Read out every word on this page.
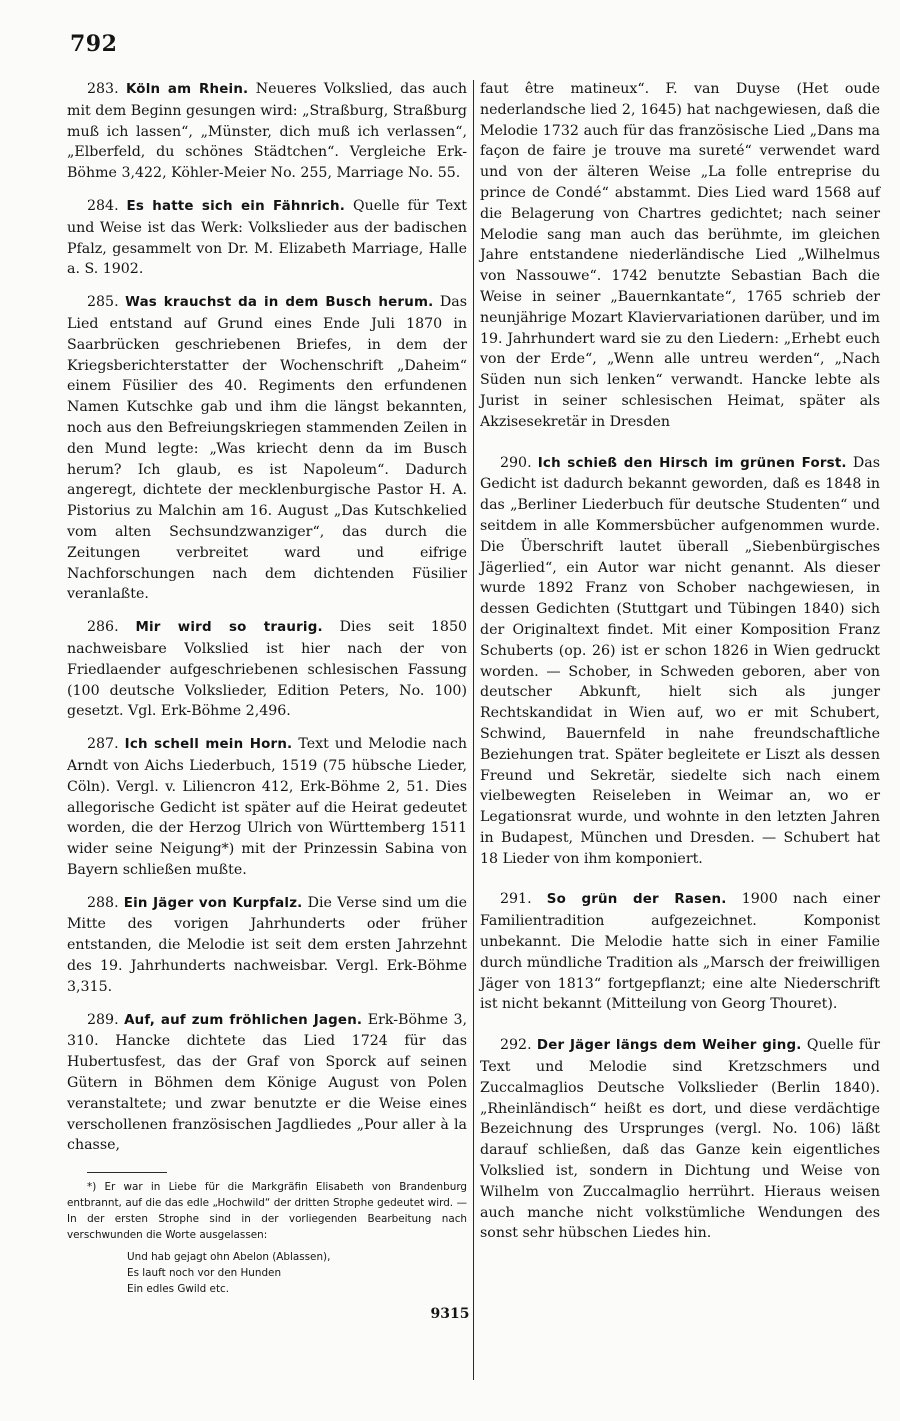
792

283. Köln am Rhein. Neueres Volkslied, das auch mit dem Beginn gesungen wird: „Straßburg, Straßburg muß ich lassen“, „Münster, dich muß ich verlassen“, „Elberfeld, du schönes Städtchen“. Vergleiche Erk-Böhme 3,422, Köhler-Meier No. 255, Marriage No. 55.

284. Es hatte sich ein Fähnrich. Quelle für Text und Weise ist das Werk: Volkslieder aus der badischen Pfalz, gesammelt von Dr. M. Elizabeth Marriage, Halle a. S. 1902.

285. Was krauchst da in dem Busch herum. Das Lied entstand auf Grund eines Ende Juli 1870 in Saarbrücken geschriebenen Briefes, in dem der Kriegsberichterstatter der Wochenschrift „Daheim“ einem Füsilier des 40. Regiments den erfundenen Namen Kutschke gab und ihm die längst bekannten, noch aus den Befreiungskriegen stammenden Zeilen in den Mund legte: „Was kriecht denn da im Busch herum? Ich glaub, es ist Napoleum“. Dadurch angeregt, dichtete der mecklenburgische Pastor H. A. Pistorius zu Malchin am 16. August „Das Kutschkelied vom alten Sechsundzwanziger“, das durch die Zeitungen verbreitet ward und eifrige Nachforschungen nach dem dichtenden Füsilier veranlaßte.

286. Mir wird so traurig. Dies seit 1850 nachweisbare Volkslied ist hier nach der von Friedlaender aufgeschriebenen schlesischen Fassung (100 deutsche Volkslieder, Edition Peters, No. 100) gesetzt. Vgl. Erk-Böhme 2,496.

287. Ich schell mein Horn. Text und Melodie nach Arndt von Aichs Liederbuch, 1519 (75 hübsche Lieder, Cöln). Vergl. v. Liliencron 412, Erk-Böhme 2, 51. Dies allegorische Gedicht ist später auf die Heirat gedeutet worden, die der Herzog Ulrich von Württemberg 1511 wider seine Neigung*) mit der Prinzessin Sabina von Bayern schließen mußte.

288. Ein Jäger von Kurpfalz. Die Verse sind um die Mitte des vorigen Jahrhunderts oder früher entstanden, die Melodie ist seit dem ersten Jahrzehnt des 19. Jahrhunderts nachweisbar. Vergl. Erk-Böhme 3,315.

289. Auf, auf zum fröhlichen Jagen. Erk-Böhme 3, 310. Hancke dichtete das Lied 1724 für das Hubertusfest, das der Graf von Sporck auf seinen Gütern in Böhmen dem Könige August von Polen veranstaltete; und zwar benutzte er die Weise eines verschollenen französischen Jagdliedes „Pour aller à la chasse,

*) Er war in Liebe für die Markgräfin Elisabeth von Brandenburg entbrannt, auf die das edle „Hochwild“ der dritten Strophe gedeutet wird. — In der ersten Strophe sind in der vorliegenden Bearbeitung nach verschwunden die Worte ausgelassen:

Und hab gejagt ohn Abelon (Ablassen),
Es lauft noch vor den Hunden
Ein edles Gwild etc.

faut être matineux“. F. van Duyse (Het oude nederlandsche lied 2, 1645) hat nachgewiesen, daß die Melodie 1732 auch für das französische Lied „Dans ma façon de faire je trouve ma sureté“ verwendet ward und von der älteren Weise „La folle entreprise du prince de Condé“ abstammt. Dies Lied ward 1568 auf die Belagerung von Chartres gedichtet; nach seiner Melodie sang man auch das berühmte, im gleichen Jahre entstandene niederländische Lied „Wilhelmus von Nassouwe“. 1742 benutzte Sebastian Bach die Weise in seiner „Bauernkantate“, 1765 schrieb der neunjährige Mozart Klaviervariationen darüber, und im 19. Jahrhundert ward sie zu den Liedern: „Erhebt euch von der Erde“, „Wenn alle untreu werden“, „Nach Süden nun sich lenken“ verwandt. Hancke lebte als Jurist in seiner schlesischen Heimat, später als Akzisesekretär in Dresden

290. Ich schieß den Hirsch im grünen Forst. Das Gedicht ist dadurch bekannt geworden, daß es 1848 in das „Berliner Liederbuch für deutsche Studenten“ und seitdem in alle Kommersbücher aufgenommen wurde. Die Überschrift lautet überall „Siebenbürgisches Jägerlied“, ein Autor war nicht genannt. Als dieser wurde 1892 Franz von Schober nachgewiesen, in dessen Gedichten (Stuttgart und Tübingen 1840) sich der Originaltext findet. Mit einer Komposition Franz Schuberts (op. 26) ist er schon 1826 in Wien gedruckt worden. — Schober, in Schweden geboren, aber von deutscher Abkunft, hielt sich als junger Rechtskandidat in Wien auf, wo er mit Schubert, Schwind, Bauernfeld in nahe freundschaftliche Beziehungen trat. Später begleitete er Liszt als dessen Freund und Sekretär, siedelte sich nach einem vielbewegten Reiseleben in Weimar an, wo er Legationsrat wurde, und wohnte in den letzten Jahren in Budapest, München und Dresden. — Schubert hat 18 Lieder von ihm komponiert.

291. So grün der Rasen. 1900 nach einer Familientradition aufgezeichnet. Komponist unbekannt. Die Melodie hatte sich in einer Familie durch mündliche Tradition als „Marsch der freiwilligen Jäger von 1813“ fortgepflanzt; eine alte Niederschrift ist nicht bekannt (Mitteilung von Georg Thouret).

292. Der Jäger längs dem Weiher ging. Quelle für Text und Melodie sind Kretzschmers und Zuccalmaglios Deutsche Volkslieder (Berlin 1840). „Rheinländisch“ heißt es dort, und diese verdächtige Bezeichnung des Ursprunges (vergl. No. 106) läßt darauf schließen, daß das Ganze kein eigentliches Volkslied ist, sondern in Dichtung und Weise von Wilhelm von Zuccalmaglio herrührt. Hieraus weisen auch manche nicht volkstümliche Wendungen des sonst sehr hübschen Liedes hin.

9315
